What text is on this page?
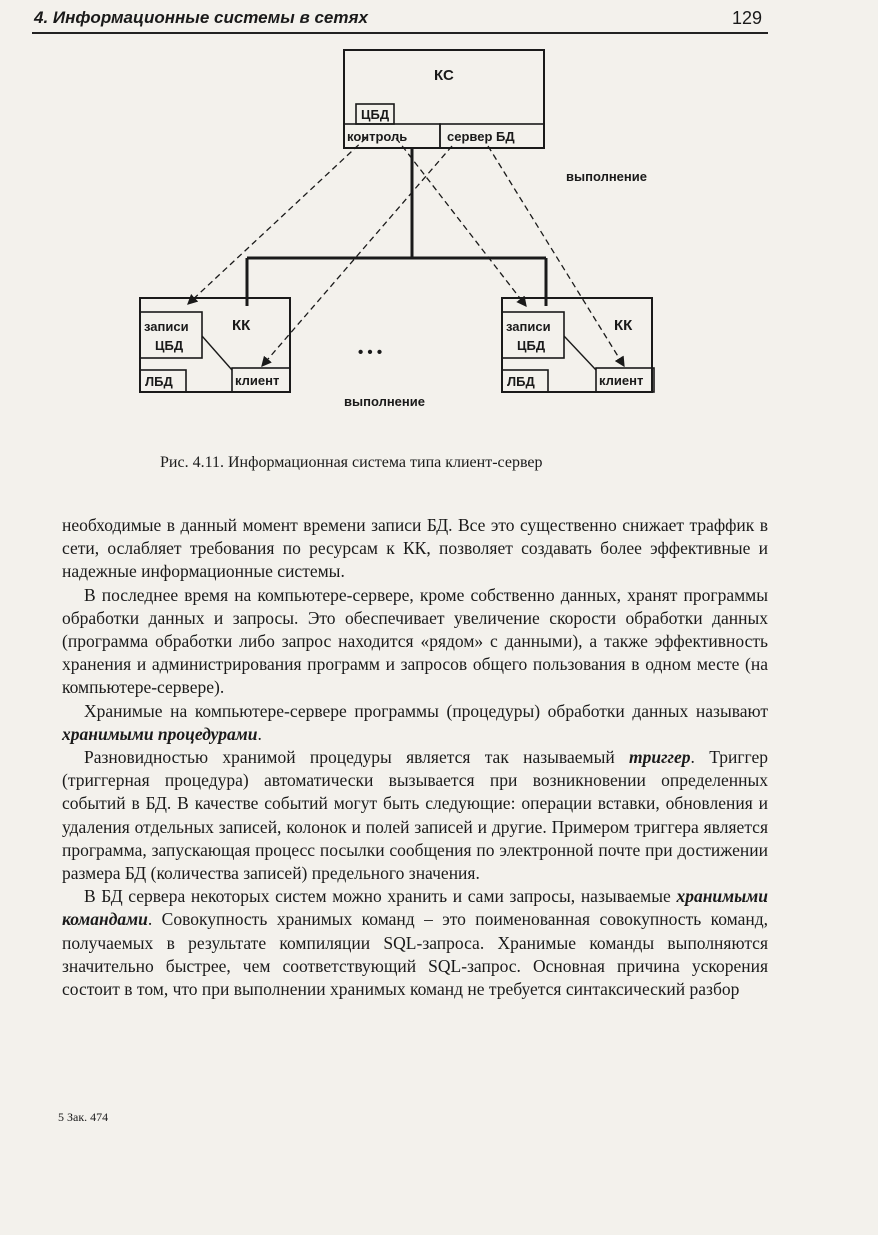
4. Информационные системы в сетях	129
КС
ЦБД
контроль	сервер БД
выполнение
КК
записи
ЦБД
ЛБД	клиент
КК
записи
ЦБД
ЛБД	клиент
• • •
выполнение
Рис. 4.11. Информационная система типа клиент-сервер

необходимые в данный момент времени записи БД. Все это существенно снижает траффик в сети, ослабляет требования по ресурсам к КК, позволяет создавать более эффективные и надежные информационные системы.

В последнее время на компьютере-сервере, кроме собственно данных, хранят программы обработки данных и запросы. Это обеспечивает увеличение скорости обработки данных (программа обработки либо запрос находится «рядом» с данными), а также эффективность хранения и администрирования программ и запросов общего пользования в одном месте (на компьютере-сервере).

Хранимые на компьютере-сервере программы (процедуры) обработки данных называют хранимыми процедурами.

Разновидностью хранимой процедуры является так называемый триггер. Триггер (триггерная процедура) автоматически вызывается при возникновении определенных событий в БД. В качестве событий могут быть следующие: операции вставки, обновления и удаления отдельных записей, колонок и полей записей и другие. Примером триггера является программа, запускающая процесс посылки сообщения по электронной почте при достижении размера БД (количества записей) предельного значения.

В БД сервера некоторых систем можно хранить и сами запросы, называемые хранимыми командами. Совокупность хранимых команд – это поименованная совокупность команд, получаемых в результате компиляции SQL-запроса. Хранимые команды выполняются значительно быстрее, чем соответствующий SQL-запрос. Основная причина ускорения состоит в том, что при выполнении хранимых команд не требуется синтаксический разбор

5 Зак. 474
